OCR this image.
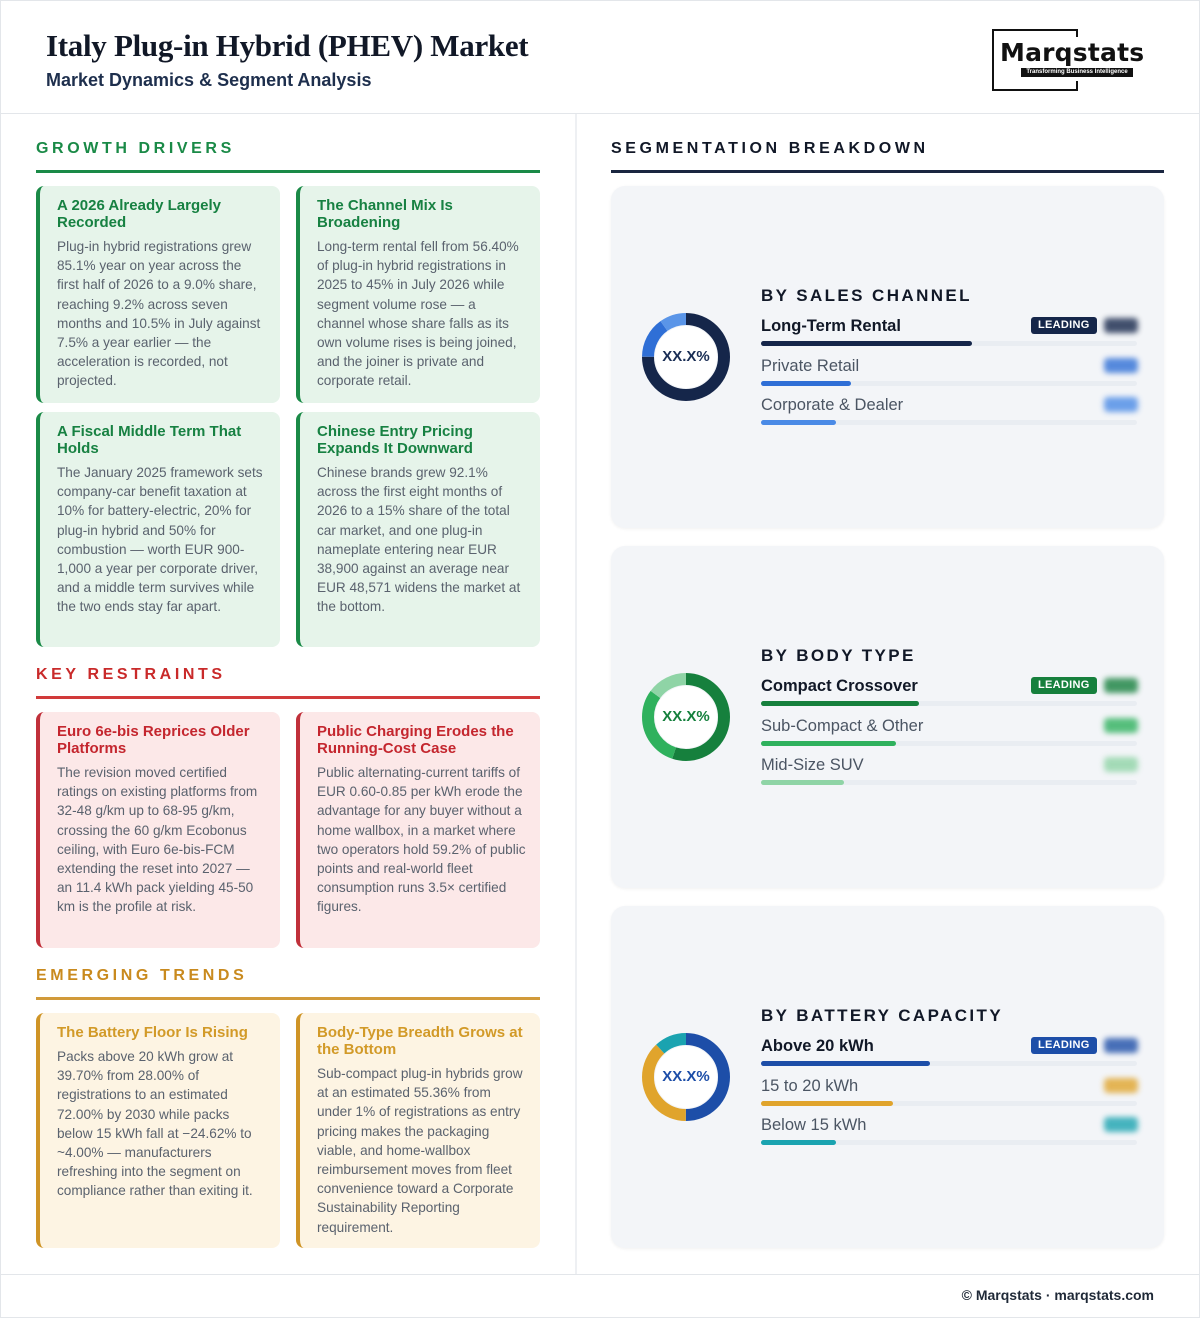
Italy Plug-in Hybrid (PHEV) Market
Market Dynamics & Segment Analysis
Marqstats
Transforming Business Intelligence
GROWTH DRIVERS
A 2026 Already Largely Recorded

Plug-in hybrid registrations grew 85.1% year on year across the first half of 2026 to a 9.0% share, reaching 9.2% across seven months and 10.5% in July against 7.5% a year earlier — the acceleration is recorded, not projected.

The Channel Mix Is Broadening

Long-term rental fell from 56.40% of plug-in hybrid registrations in 2025 to 45% in July 2026 while segment volume rose — a channel whose share falls as its own volume rises is being joined, and the joiner is private and corporate retail.

A Fiscal Middle Term That Holds

The January 2025 framework sets company-car benefit taxation at 10% for battery-electric, 20% for plug-in hybrid and 50% for combustion — worth EUR 900-1,000 a year per corporate driver, and a middle term survives while the two ends stay far apart.

Chinese Entry Pricing Expands It Downward

Chinese brands grew 92.1% across the first eight months of 2026 to a 15% share of the total car market, and one plug-in nameplate entering near EUR 38,900 against an average near EUR 48,571 widens the market at the bottom.

KEY RESTRAINTS
Euro 6e-bis Reprices Older Platforms

The revision moved certified ratings on existing platforms from 32-48 g/km up to 68-95 g/km, crossing the 60 g/km Ecobonus ceiling, with Euro 6e-bis-FCM extending the reset into 2027 — an 11.4 kWh pack yielding 45-50 km is the profile at risk.

Public Charging Erodes the Running-Cost Case

Public alternating-current tariffs of EUR 0.60-0.85 per kWh erode the advantage for any buyer without a home wallbox, in a market where two operators hold 59.2% of public points and real-world fleet consumption runs 3.5× certified figures.

EMERGING TRENDS
The Battery Floor Is Rising

Packs above 20 kWh grow at 39.70% from 28.00% of registrations to an estimated 72.00% by 2030 while packs below 15 kWh fall at −24.62% to ~4.00% — manufacturers refreshing into the segment on compliance rather than exiting it.

Body-Type Breadth Grows at the Bottom

Sub-compact plug-in hybrids grow at an estimated 55.36% from under 1% of registrations as entry pricing makes the packaging viable, and home-wallbox reimbursement moves from fleet convenience toward a Corporate Sustainability Reporting requirement.

SEGMENTATION BREAKDOWN
XX.X%
BY SALES CHANNEL
Long-Term Rental	LEADING
Private Retail
Corporate & Dealer
XX.X%
BY BODY TYPE
Compact Crossover	LEADING
Sub-Compact & Other
Mid-Size SUV
XX.X%
BY BATTERY CAPACITY
Above 20 kWh	LEADING
15 to 20 kWh
Below 15 kWh
© Marqstats · marqstats.com
